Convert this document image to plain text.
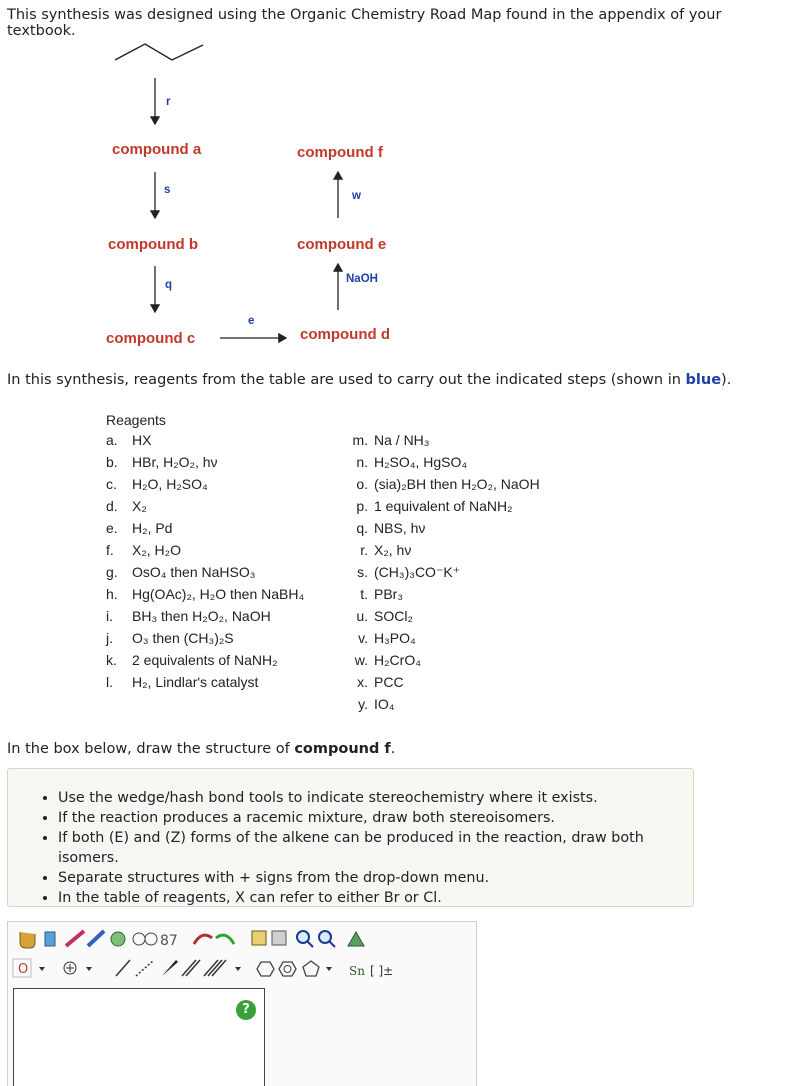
This synthesis was designed using the Organic Chemistry Road Map found in the appendix of your textbook.
compound a
compound b
compound c	compound d
compound e
compound f
r
s
q
e
NaOH
w
In this synthesis, reagents from the table are used to carry out the indicated steps (shown in blue).
Reagents
a. HX
b. HBr, H₂O₂, hν
c. H₂O, H₂SO₄
d. X₂
e. H₂, Pd
f. X₂, H₂O
g. OsO₄ then NaHSO₃
h. Hg(OAc)₂, H₂O then NaBH₄
i. BH₃ then H₂O₂, NaOH
j. O₃ then (CH₃)₂S
k. 2 equivalents of NaNH₂
l. H₂, Lindlar's catalyst
m. Na / NH₃
n. H₂SO₄, HgSO₄
o. (sia)₂BH then H₂O₂, NaOH
p. 1 equivalent of NaNH₂
q. NBS, hν
r. X₂, hν
s. (CH₃)₃CO⁻K⁺
t. PBr₃
u. SOCl₂
v. H₃PO₄
w. H₂CrO₄
x. PCC
y. IO₄
In the box below, draw the structure of compound f.
• Use the wedge/hash bond tools to indicate stereochemistry where it exists.
• If the reaction produces a racemic mixture, draw both stereoisomers.
• If both (E) and (Z) forms of the alkene can be produced in the reaction, draw both isomers.
• Separate structures with + signs from the drop-down menu.
• In the table of reagents, X can refer to either Br or Cl.
87
O	Sn [ ]±
?
